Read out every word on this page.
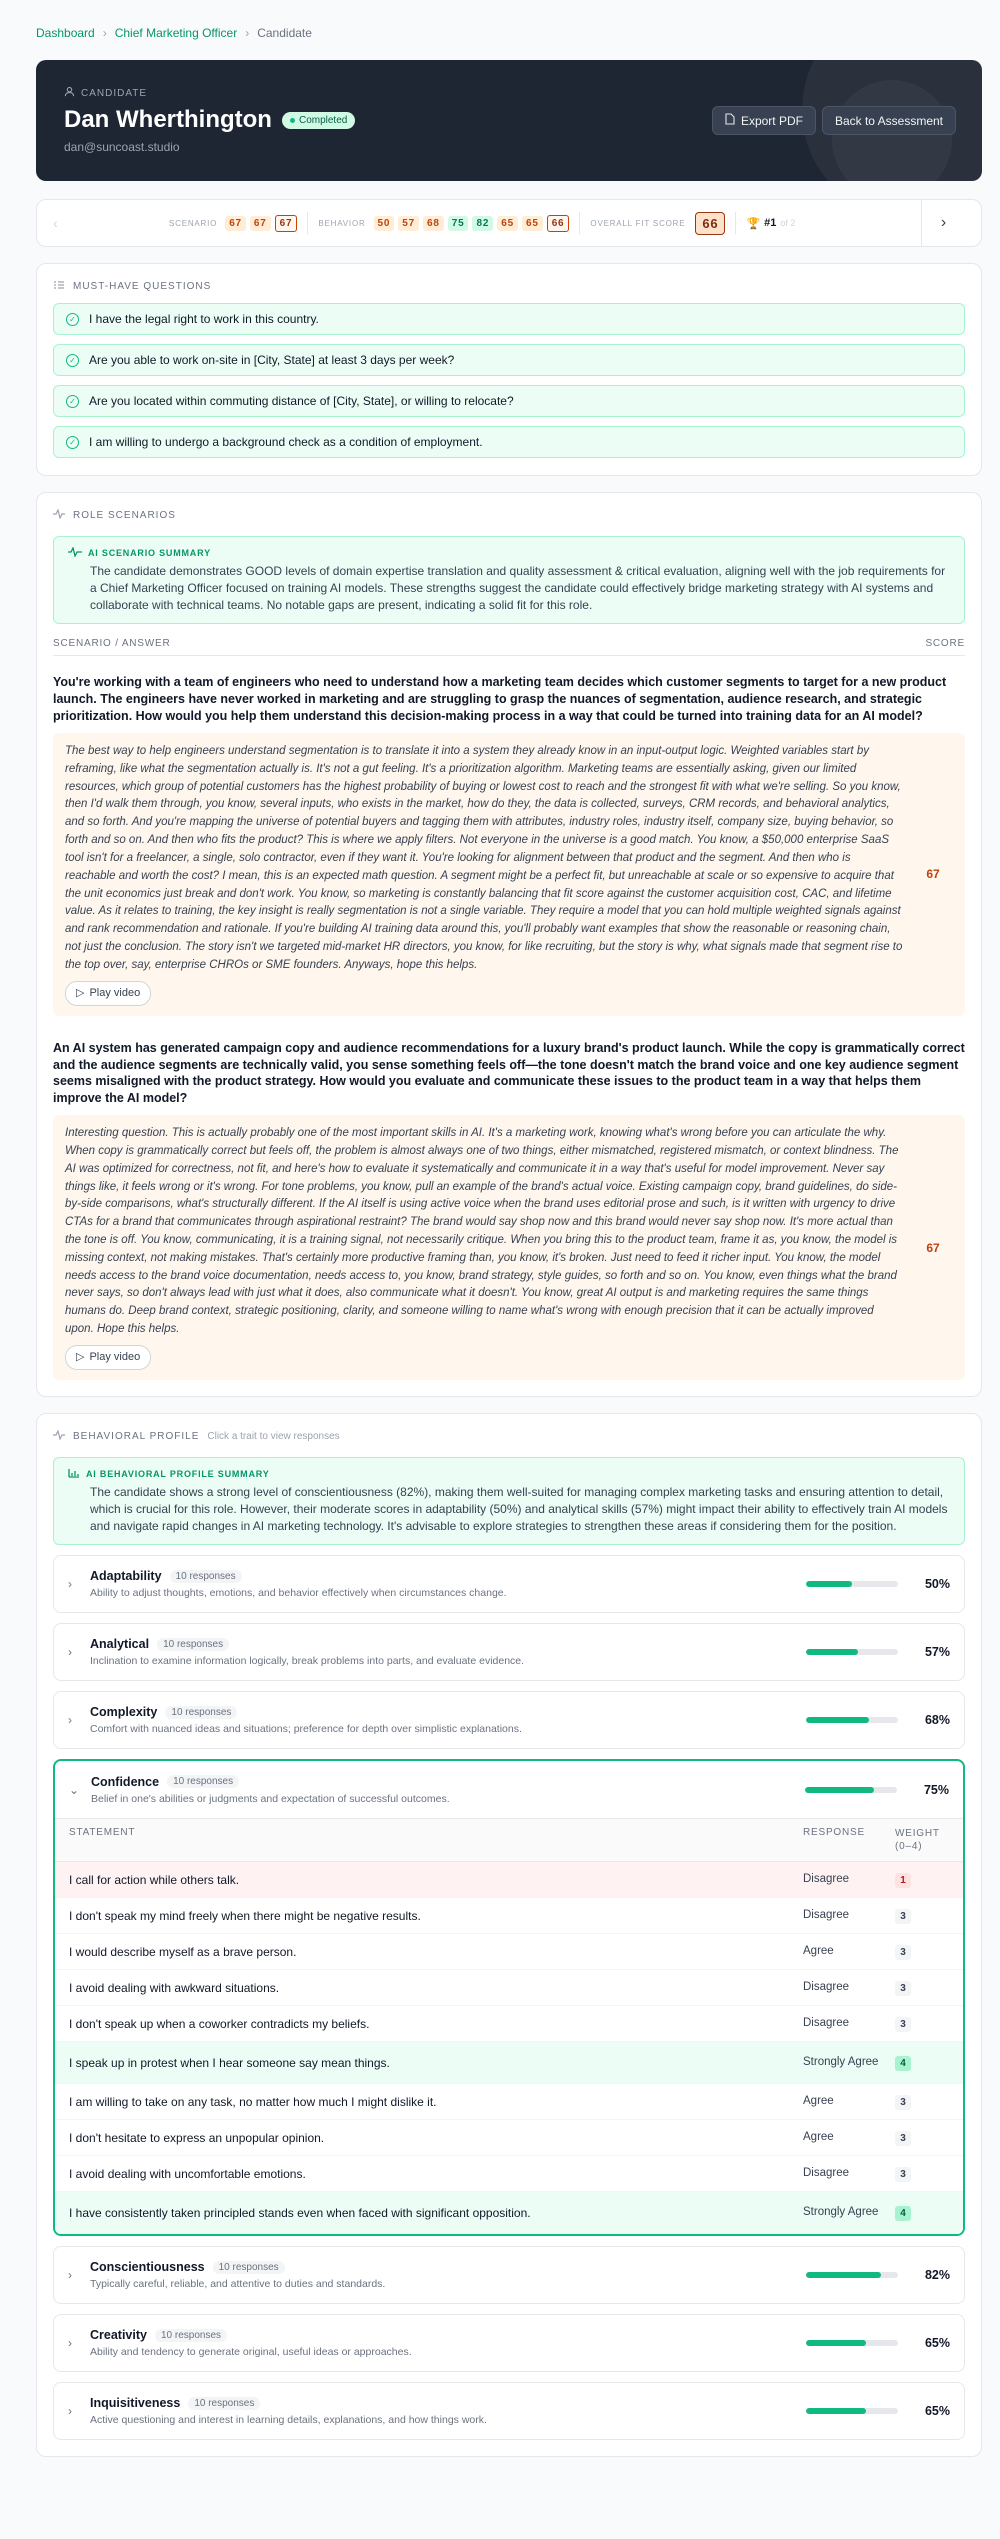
Dashboard › Chief Marketing Officer › Candidate
CANDIDATE
Dan Wherthington	Completed
dan@suncoast.studio
Export PDF	Back to Assessment
‹	SCENARIO	67	67	67	BEHAVIOR	50	57	68	75	82	65	65	66	OVERALL FIT SCORE	66	🏆 #1 of 2	›
MUST-HAVE QUESTIONS
✓ I have the legal right to work in this country.
✓ Are you able to work on-site in [City, State] at least 3 days per week?
✓ Are you located within commuting distance of [City, State], or willing to relocate?
✓ I am willing to undergo a background check as a condition of employment.
ROLE SCENARIOS
AI SCENARIO SUMMARY
The candidate demonstrates GOOD levels of domain expertise translation and quality assessment & critical evaluation, aligning well with the job requirements for a Chief Marketing Officer focused on training AI models. These strengths suggest the candidate could effectively bridge marketing strategy with AI systems and collaborate with technical teams. No notable gaps are present, indicating a solid fit for this role.
SCENARIO / ANSWER	SCORE
You're working with a team of engineers who need to understand how a marketing team decides which customer segments to target for a new product launch. The engineers have never worked in marketing and are struggling to grasp the nuances of segmentation, audience research, and strategic prioritization. How would you help them understand this decision-making process in a way that could be turned into training data for an AI model?
The best way to help engineers understand segmentation is to translate it into a system they already know in an input-output logic. Weighted variables start by reframing, like what the segmentation actually is. It's not a gut feeling. It's a prioritization algorithm. Marketing teams are essentially asking, given our limited resources, which group of potential customers has the highest probability of buying or lowest cost to reach and the strongest fit with what we're selling. So you know, then I'd walk them through, you know, several inputs, who exists in the market, how do they, the data is collected, surveys, CRM records, and behavioral analytics, and so forth. And you're mapping the universe of potential buyers and tagging them with attributes, industry roles, industry itself, company size, buying behavior, so forth and so on. And then who fits the product? This is where we apply filters. Not everyone in the universe is a good match. You know, a $50,000 enterprise SaaS tool isn't for a freelancer, a single, solo contractor, even if they want it. You're looking for alignment between that product and the segment. And then who is reachable and worth the cost? I mean, this is an expected math question. A segment might be a perfect fit, but unreachable at scale or so expensive to acquire that the unit economics just break and don't work. You know, so marketing is constantly balancing that fit score against the customer acquisition cost, CAC, and lifetime value. As it relates to training, the key insight is really segmentation is not a single variable. They require a model that you can hold multiple weighted signals against and rank recommendation and rationale. If you're building AI training data around this, you'll probably want examples that show the reasonable or reasoning chain, not just the conclusion. The story isn't we targeted mid-market HR directors, you know, for like recruiting, but the story is why, what signals made that segment rise to the top over, say, enterprise CHROs or SME founders. Anyways, hope this helps.
▷ Play video
67
An AI system has generated campaign copy and audience recommendations for a luxury brand's product launch. While the copy is grammatically correct and the audience segments are technically valid, you sense something feels off—the tone doesn't match the brand voice and one key audience segment seems misaligned with the product strategy. How would you evaluate and communicate these issues to the product team in a way that helps them improve the AI model?
Interesting question. This is actually probably one of the most important skills in AI. It's a marketing work, knowing what's wrong before you can articulate the why. When copy is grammatically correct but feels off, the problem is almost always one of two things, either mismatched, registered mismatch, or context blindness. The AI was optimized for correctness, not fit, and here's how to evaluate it systematically and communicate it in a way that's useful for model improvement. Never say things like, it feels wrong or it's wrong. For tone problems, you know, pull an example of the brand's actual voice. Existing campaign copy, brand guidelines, do side-by-side comparisons, what's structurally different. If the AI itself is using active voice when the brand uses editorial prose and such, is it written with urgency to drive CTAs for a brand that communicates through aspirational restraint? The brand would say shop now and this brand would never say shop now. It's more actual than the tone is off. You know, communicating, it is a training signal, not necessarily critique. When you bring this to the product team, frame it as, you know, the model is missing context, not making mistakes. That's certainly more productive framing than, you know, it's broken. Just need to feed it richer input. You know, the model needs access to the brand voice documentation, needs access to, you know, brand strategy, style guides, so forth and so on. You know, even things what the brand never says, so don't always lead with just what it does, also communicate what it doesn't. You know, great AI output is and marketing requires the same things humans do. Deep brand context, strategic positioning, clarity, and someone willing to name what's wrong with enough precision that it can be actually improved upon. Hope this helps.
▷ Play video
67
BEHAVIORAL PROFILE Click a trait to view responses
AI BEHAVIORAL PROFILE SUMMARY
The candidate shows a strong level of conscientiousness (82%), making them well-suited for managing complex marketing tasks and ensuring attention to detail, which is crucial for this role. However, their moderate scores in adaptability (50%) and analytical skills (57%) might impact their ability to effectively train AI models and navigate rapid changes in AI marketing technology. It's advisable to explore strategies to strengthen these areas if considering them for the position.
›
Adaptability	10 responses
Ability to adjust thoughts, emotions, and behavior effectively when circumstances change.
50%
›
Analytical	10 responses
Inclination to examine information logically, break problems into parts, and evaluate evidence.
57%
›
Complexity	10 responses
Comfort with nuanced ideas and situations; preference for depth over simplistic explanations.
68%
⌄
Confidence	10 responses
Belief in one's abilities or judgments and expectation of successful outcomes.
75%
STATEMENT	RESPONSE	WEIGHT (0–4)
I call for action while others talk.	Disagree	1
I don't speak my mind freely when there might be negative results.	Disagree	3
I would describe myself as a brave person.	Agree	3
I avoid dealing with awkward situations.	Disagree	3
I don't speak up when a coworker contradicts my beliefs.	Disagree	3
I speak up in protest when I hear someone say mean things.	Strongly Agree	4
I am willing to take on any task, no matter how much I might dislike it.	Agree	3
I don't hesitate to express an unpopular opinion.	Agree	3
I avoid dealing with uncomfortable emotions.	Disagree	3
I have consistently taken principled stands even when faced with significant opposition.	Strongly Agree	4
›
Conscientiousness	10 responses
Typically careful, reliable, and attentive to duties and standards.
82%
›
Creativity	10 responses
Ability and tendency to generate original, useful ideas or approaches.
65%
›
Inquisitiveness	10 responses
Active questioning and interest in learning details, explanations, and how things work.
65%
